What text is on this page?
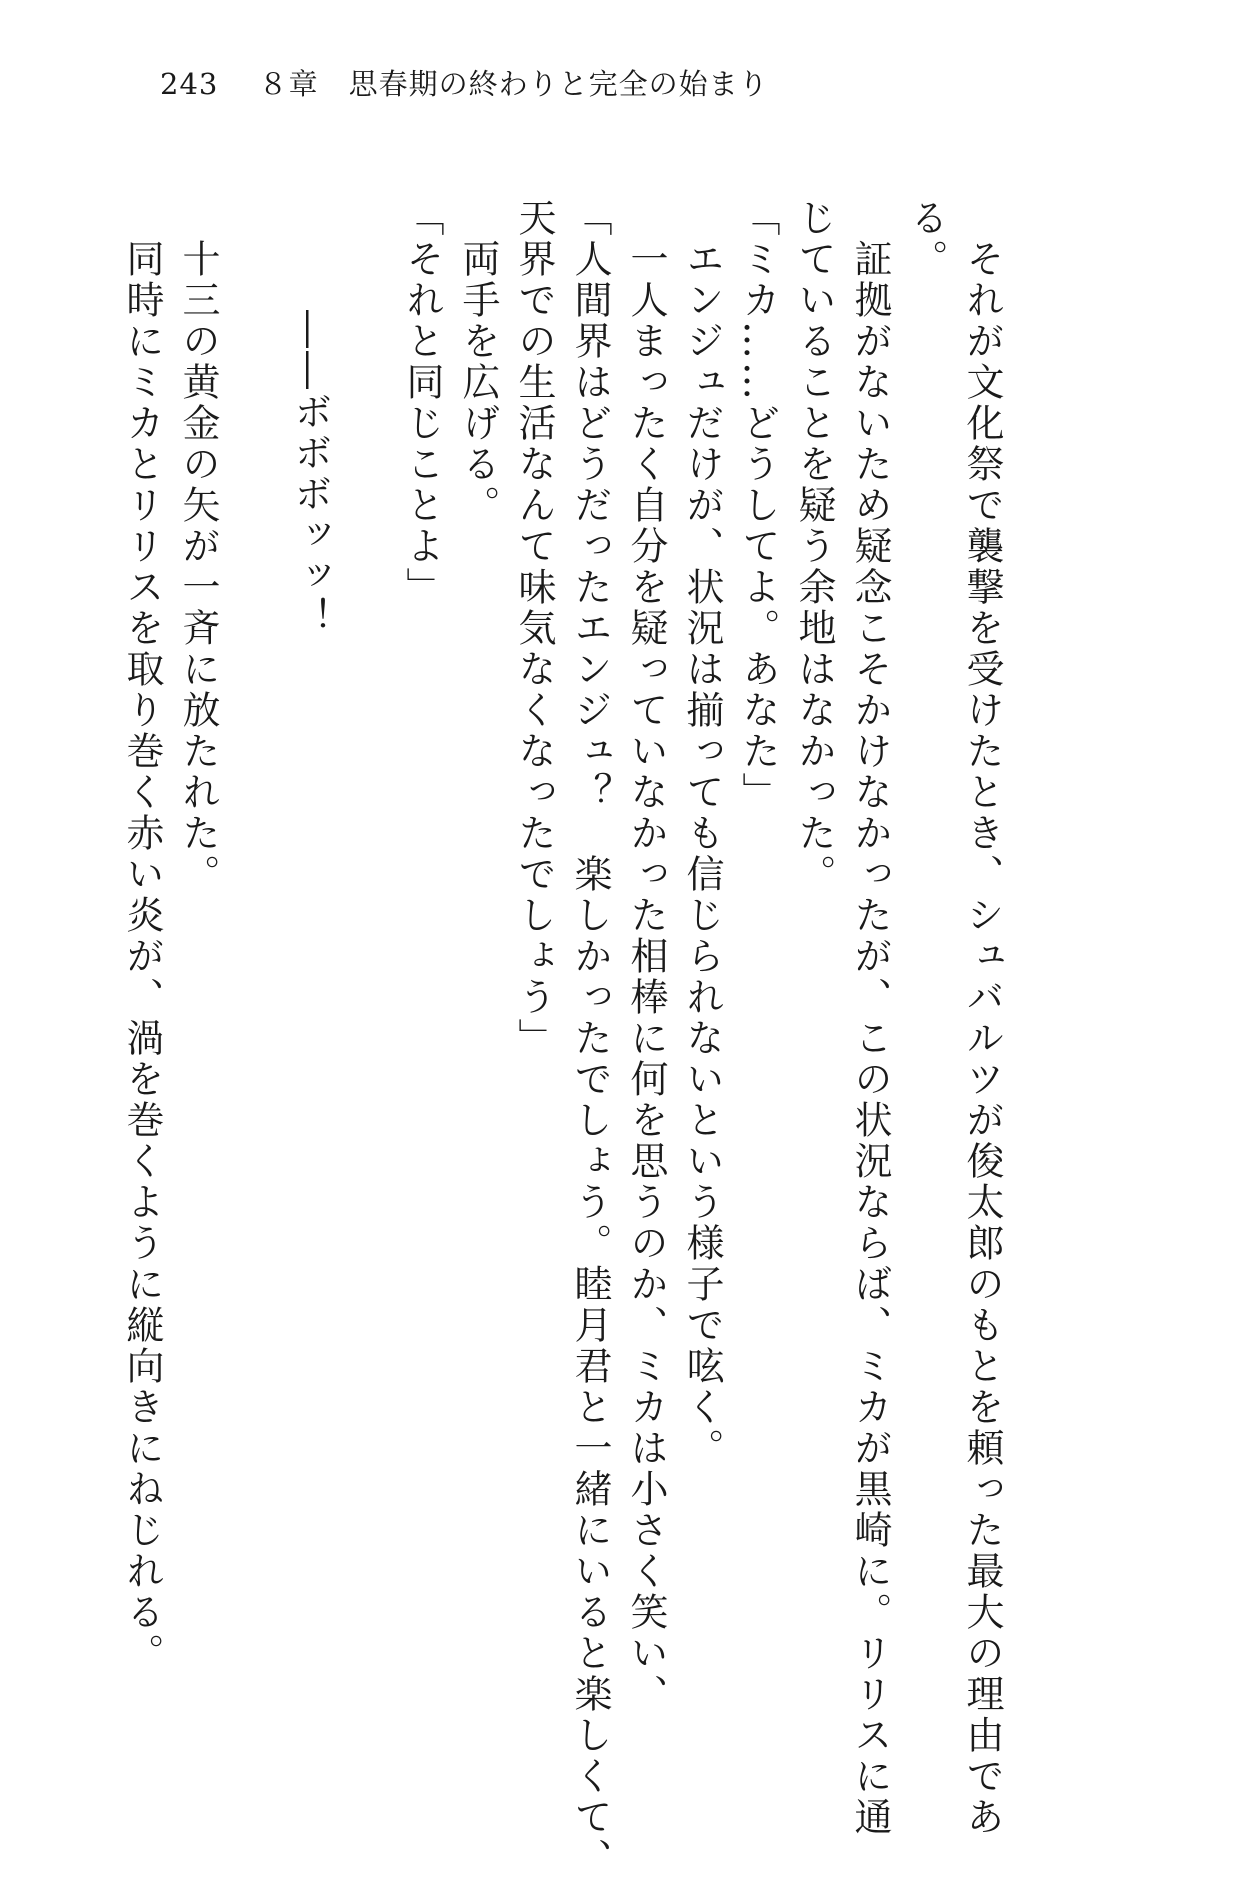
243 ８章　思春期の終わりと完全の始まり

　それが文化祭で襲撃を受けたとき、シュバルツが俊太郎のもとを頼った最大の理由であ

る。

　証拠がないため疑念こそかけなかったが、この状況ならば、ミカが黒崎に。リリスに通

じていることを疑う余地はなかった。

「ミカ……どうしてよ。あなた」

　エンジュだけが、状況は揃っても信じられないという様子で呟く。

　一人まったく自分を疑っていなかった相棒に何を思うのか、ミカは小さく笑い、

「人間界はどうだったエンジュ？　楽しかったでしょう。睦月君と一緒にいると楽しくて、

天界での生活なんて味気なくなったでしょう」

　両手を広げる。

「それと同じことよ」

――ボボボッッ！

　十三の黄金の矢が一斉に放たれた。

　同時にミカとリリスを取り巻く赤い炎が、渦を巻くように縦向きにねじれる。
